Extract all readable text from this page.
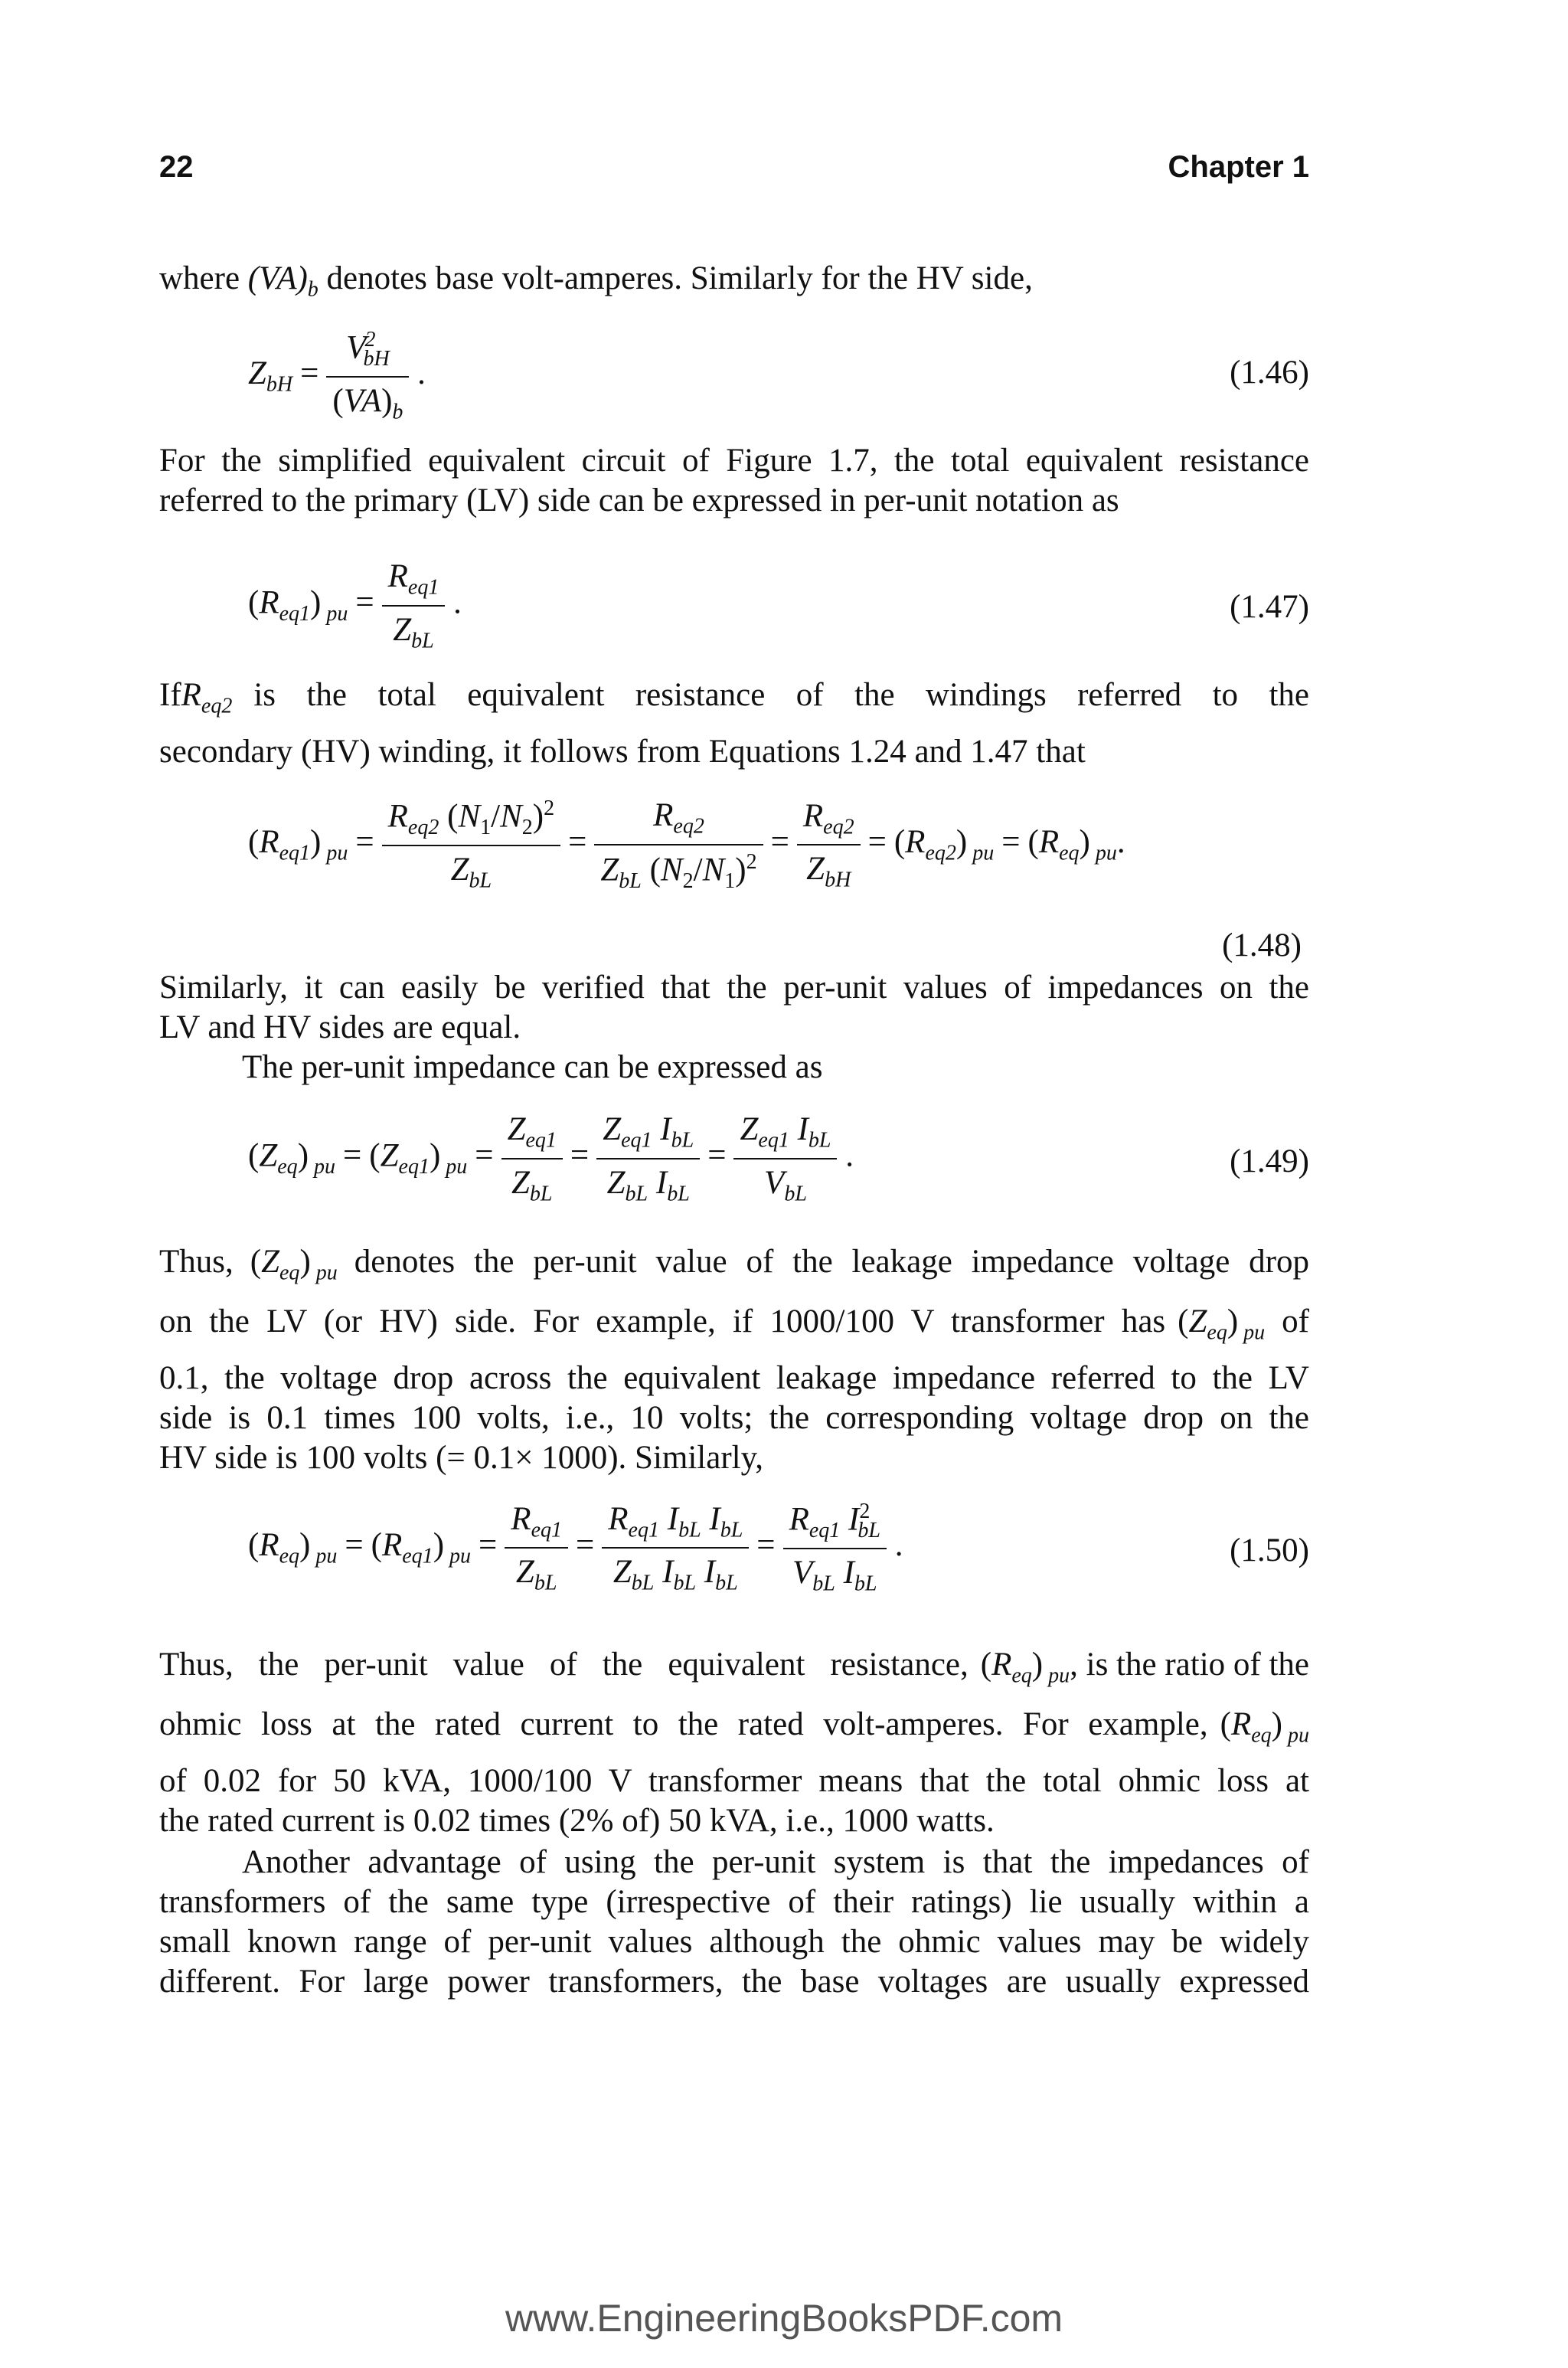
22	Chapter 1

where $(VA)_b$ denotes base volt-amperes. Similarly for the HV side,

$Z_{bH} = \frac{V^2_{bH}}{(VA)_b}$ .	(1.46)
For the simplified equivalent circuit of Figure 1.7, the total equivalent resistance
referred to the primary (LV) side can be expressed in per-unit notation as
$(R_{eq1}) _{pu} = \frac{R_{eq1}}{Z_{bL}}$ .	(1.47)
If $R_{eq2}$ is the total equivalent resistance of the windings referred to the
secondary (HV) winding, it follows from Equations 1.24 and 1.47 that
$(R_{eq1}) _{pu} = \frac{R_{eq2} (N_1/N_2)^2}{Z_{bL}} = \frac{R_{eq2}}{Z_{bL} (N_2/N_1)^2} = \frac{R_{eq2}}{Z_{bH}} = (R_{eq2}) _{pu} = (R_{eq})$ $_{pu}$.
(1.48)
Similarly, it can easily be verified that the per-unit values of impedances on the
LV and HV sides are equal.
The per-unit impedance can be expressed as
$(Z_{eq}) _{pu} = (Z_{eq1}) _{pu} = \frac{Z_{eq1}}{Z_{bL}} = \frac{Z_{eq1} I_{bL}}{Z_{bL} I_{bL}} = \frac{Z_{eq1} I_{bL}}{V_{bL}}$ .	(1.49)
Thus, $(Z_{eq})$ $_{pu}$ denotes the per-unit value of the leakage impedance voltage drop
on the LV (or HV) side. For example, if 1000/100 V transformer has $(Z_{eq})$ $_{pu}$ of
0.1, the voltage drop across the equivalent leakage impedance referred to the LV
side is 0.1 times 100 volts, i.e., 10 volts; the corresponding voltage drop on the
HV side is 100 volts (= 0.1× 1000). Similarly,
$(R_{eq}) _{pu} = (R_{eq1}) _{pu} = \frac{R_{eq1}}{Z_{bL}} = \frac{R_{eq1} I_{bL} I_{bL}}{Z_{bL} I_{bL} I_{bL}} = \frac{R_{eq1} I^2_{bL}}{V_{bL} I_{bL}}$ .	(1.50)
Thus, the per-unit value of the equivalent resistance, $(R_{eq})$ $_{pu}$ , is the ratio of the
ohmic loss at the rated current to the rated volt-amperes. For example, $(R_{eq})$ $_{pu}$
of 0.02 for 50 kVA, 1000/100 V transformer means that the total ohmic loss at
the rated current is 0.02 times (2% of) 50 kVA, i.e., 1000 watts.
Another advantage of using the per-unit system is that the impedances of
transformers of the same type (irrespective of their ratings) lie usually within a
small known range of per-unit values although the ohmic values may be widely
different. For large power transformers, the base voltages are usually expressed
www.EngineeringBooksPDF.com
